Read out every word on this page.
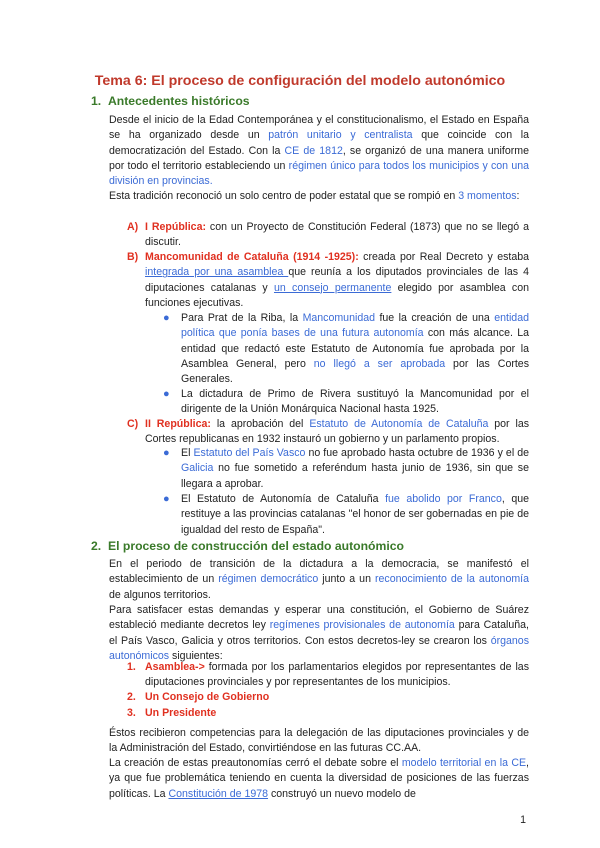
Tema 6: El proceso de configuración del modelo autonómico
1. Antecedentes históricos
Desde el inicio de la Edad Contemporánea y el constitucionalismo, el Estado en España se ha organizado desde un patrón unitario y centralista que coincide con la democratización del Estado. Con la CE de 1812, se organizó de una manera uniforme por todo el territorio estableciendo un régimen único para todos los municipios y con una división en provincias.
Esta tradición reconoció un solo centro de poder estatal que se rompió en 3 momentos:
A) I República: con un Proyecto de Constitución Federal (1873) que no se llegó a discutir.
B) Mancomunidad de Cataluña (1914 -1925): creada por Real Decreto y estaba integrada por una asamblea que reunía a los diputados provinciales de las 4 diputaciones catalanas y un consejo permanente elegido por asamblea con funciones ejecutivas.
● Para Prat de la Riba, la Mancomunidad fue la creación de una entidad política que ponía bases de una futura autonomía con más alcance. La entidad que redactó este Estatuto de Autonomía fue aprobada por la Asamblea General, pero no llegó a ser aprobada por las Cortes Generales.
● La dictadura de Primo de Rivera sustituyó la Mancomunidad por el dirigente de la Unión Monárquica Nacional hasta 1925.
C) II República: la aprobación del Estatuto de Autonomía de Cataluña por las Cortes republicanas en 1932 instauró un gobierno y un parlamento propios.
● El Estatuto del País Vasco no fue aprobado hasta octubre de 1936 y el de Galicia no fue sometido a referéndum hasta junio de 1936, sin que se llegara a aprobar.
● El Estatuto de Autonomía de Cataluña fue abolido por Franco, que restituye a las provincias catalanas "el honor de ser gobernadas en pie de igualdad del resto de España".
2. El proceso de construcción del estado autonómico
En el periodo de transición de la dictadura a la democracia, se manifestó el establecimiento de un régimen democrático junto a un reconocimiento de la autonomía de algunos territorios.
Para satisfacer estas demandas y esperar una constitución, el Gobierno de Suárez estableció mediante decretos ley regímenes provisionales de autonomía para Cataluña, el País Vasco, Galicia y otros territorios. Con estos decretos-ley se crearon los órganos autonómicos siguientes:
1. Asamblea-> formada por los parlamentarios elegidos por representantes de las diputaciones provinciales y por representantes de los municipios.
2. Un Consejo de Gobierno
3. Un Presidente
Éstos recibieron competencias para la delegación de las diputaciones provinciales y de la Administración del Estado, convirtiéndose en las futuras CC.AA.
La creación de estas preautonomías cerró el debate sobre el modelo territorial en la CE, ya que fue problemática teniendo en cuenta la diversidad de posiciones de las fuerzas políticas. La Constitución de 1978 construyó un nuevo modelo de
1
